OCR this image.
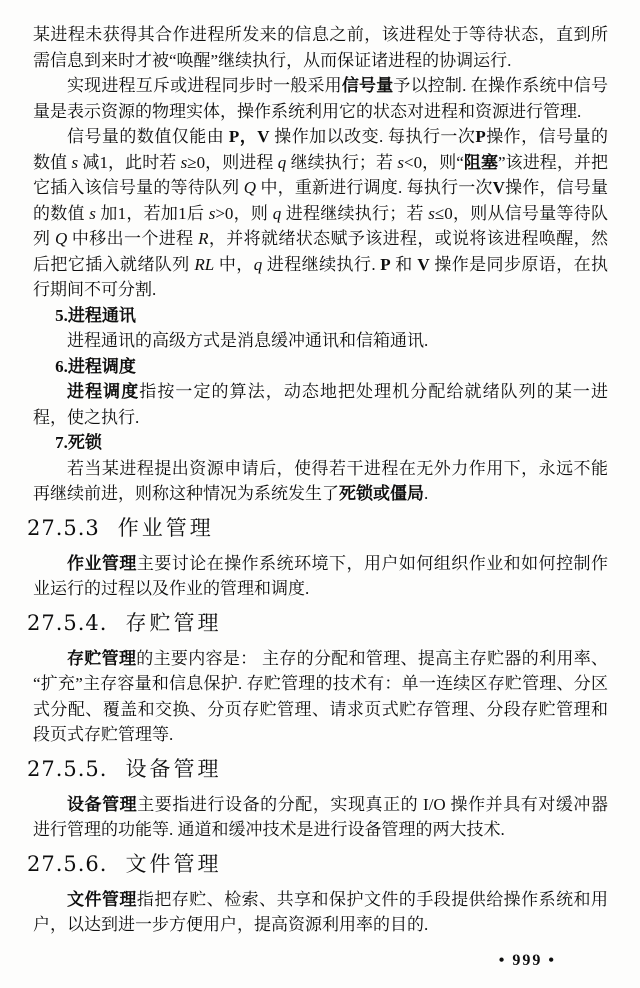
某进程未获得其合作进程所发来的信息之前，该进程处于等待状态，直到所需信息到来时才被“唤醒”继续执行，从而保证诸进程的协调运行.

实现进程互斥或进程同步时一般采用信号量予以控制. 在操作系统中信号量是表示资源的物理实体，操作系统利用它的状态对进程和资源进行管理.

信号量的数值仅能由 P，V 操作加以改变. 每执行一次P操作，信号量的数值 s 减1，此时若 s≥0，则进程 q 继续执行；若 s<0，则“阻塞”该进程，并把它插入该信号量的等待队列 Q 中，重新进行调度. 每执行一次V操作，信号量的数值 s 加1，若加1后 s>0，则 q 进程继续执行；若 s≤0，则从信号量等待队列 Q 中移出一个进程 R，并将就绪状态赋予该进程，或说将该进程唤醒，然后把它插入就绪队列 RL 中，q 进程继续执行. P 和 V 操作是同步原语，在执行期间不可分割.

5.进程通讯

进程通讯的高级方式是消息缓冲通讯和信箱通讯.

6.进程调度

进程调度指按一定的算法，动态地把处理机分配给就绪队列的某一进程，使之执行.

7.死锁

若当某进程提出资源申请后，使得若干进程在无外力作用下，永远不能再继续前进，则称这种情况为系统发生了死锁或僵局.

27.5.3 作业管理

作业管理主要讨论在操作系统环境下，用户如何组织作业和如何控制作业运行的过程以及作业的管理和调度.

27.5.4. 存贮管理

存贮管理的主要内容是： 主存的分配和管理、提高主存贮器的利用率、“扩充”主存容量和信息保护. 存贮管理的技术有：单一连续区存贮管理、分区式分配、覆盖和交换、分页存贮管理、请求页式贮存管理、分段存贮管理和段页式存贮管理等.

27.5.5. 设备管理

设备管理主要指进行设备的分配，实现真正的 I/O 操作并具有对缓冲器进行管理的功能等. 通道和缓冲技术是进行设备管理的两大技术.

27.5.6. 文件管理

文件管理指把存贮、检索、共享和保护文件的手段提供给操作系统和用户，以达到进一步方便用户，提高资源利用率的目的.

• 999 •
